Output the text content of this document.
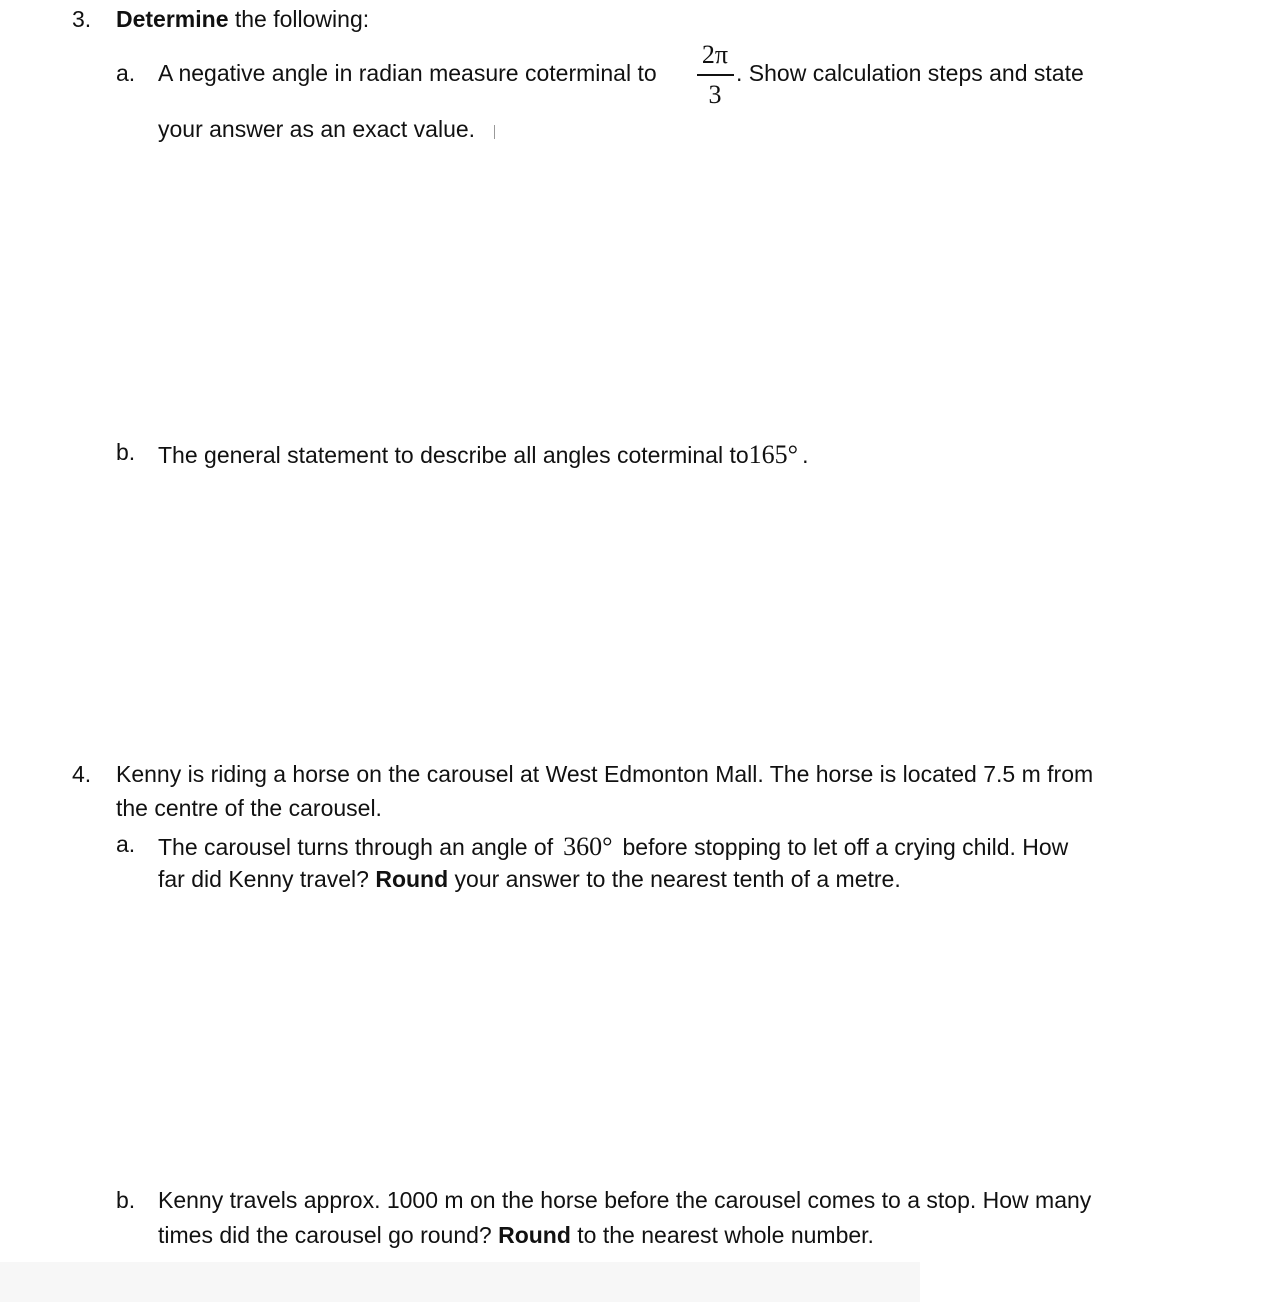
3. Determine the following:
a. A negative angle in radian measure coterminal to
2π
3
. Show calculation steps and state
your answer as an exact value.
b. The general statement to describe all angles coterminal to165° .
4. Kenny is riding a horse on the carousel at West Edmonton Mall. The horse is located 7.5 m from
the centre of the carousel.
a. The carousel turns through an angle of 360° before stopping to let off a crying child. How
far did Kenny travel? Round your answer to the nearest tenth of a metre.
b. Kenny travels approx. 1000 m on the horse before the carousel comes to a stop. How many
times did the carousel go round? Round to the nearest whole number.
